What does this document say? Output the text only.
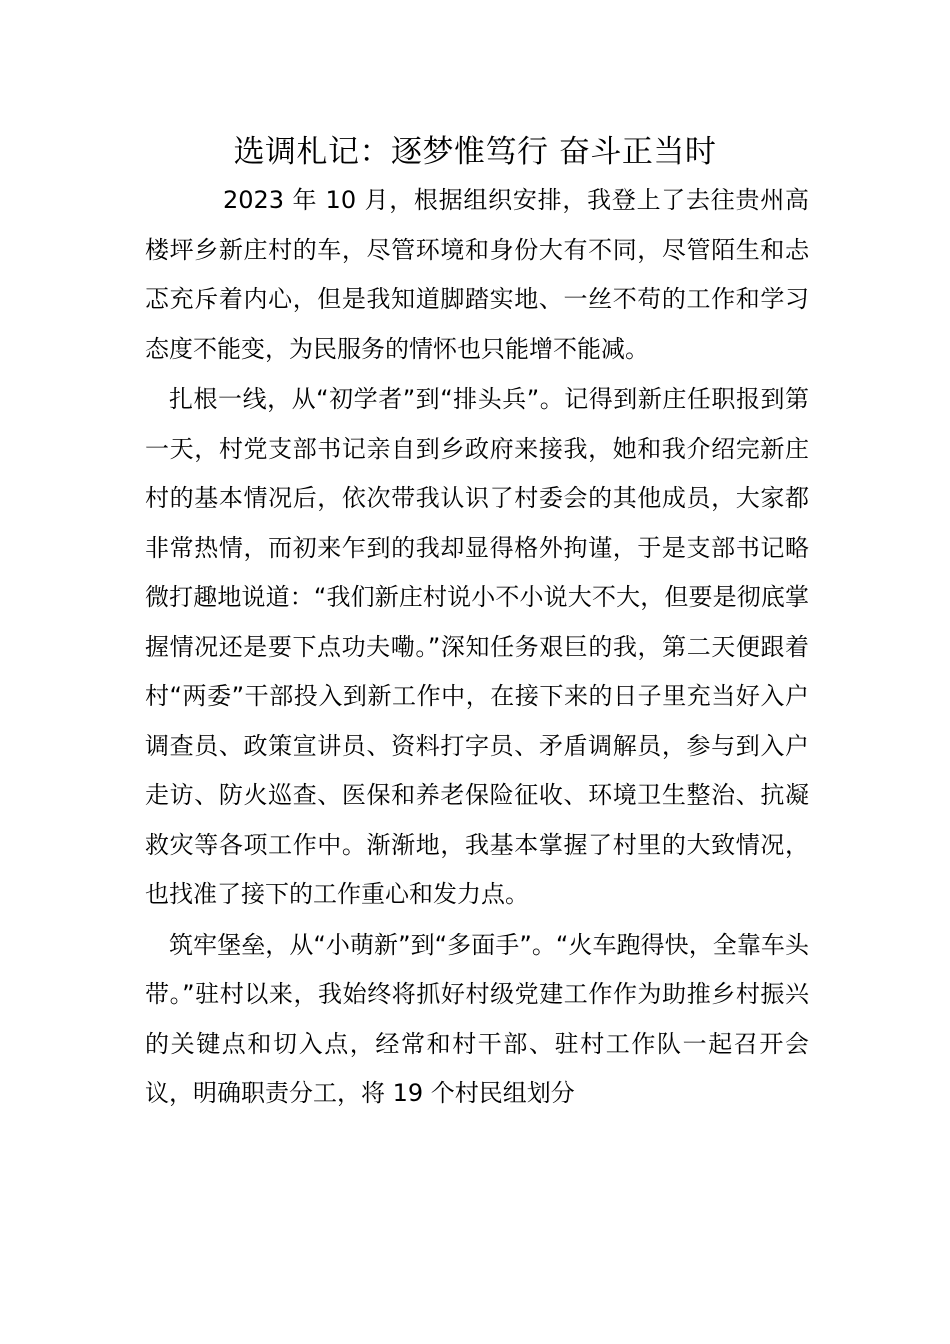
选调札记：逐梦惟笃行 奋斗正当时

2023 年 10 月，根据组织安排，我登上了去往贵州高楼坪乡新庄村的车，尽管环境和身份大有不同，尽管陌生和忐忑充斥着内心，但是我知道脚踏实地、一丝不苟的工作和学习态度不能变，为民服务的情怀也只能增不能减。

扎根一线，从“初学者”到“排头兵”。记得到新庄任职报到第一天，村党支部书记亲自到乡政府来接我，她和我介绍完新庄村的基本情况后，依次带我认识了村委会的其他成员，大家都非常热情，而初来乍到的我却显得格外拘谨，于是支部书记略微打趣地说道：“我们新庄村说小不小说大不大，但要是彻底掌握情况还是要下点功夫嘞。”深知任务艰巨的我，第二天便跟着村“两委”干部投入到新工作中，在接下来的日子里充当好入户调查员、政策宣讲员、资料打字员、矛盾调解员，参与到入户走访、防火巡查、医保和养老保险征收、环境卫生整治、抗凝救灾等各项工作中。渐渐地，我基本掌握了村里的大致情况，也找准了接下的工作重心和发力点。

筑牢堡垒，从“小萌新”到“多面手”。“火车跑得快，全靠车头带。”驻村以来，我始终将抓好村级党建工作作为助推乡村振兴的关键点和切入点，经常和村干部、驻村工作队一起召开会议，明确职责分工，将 19 个村民组划分
